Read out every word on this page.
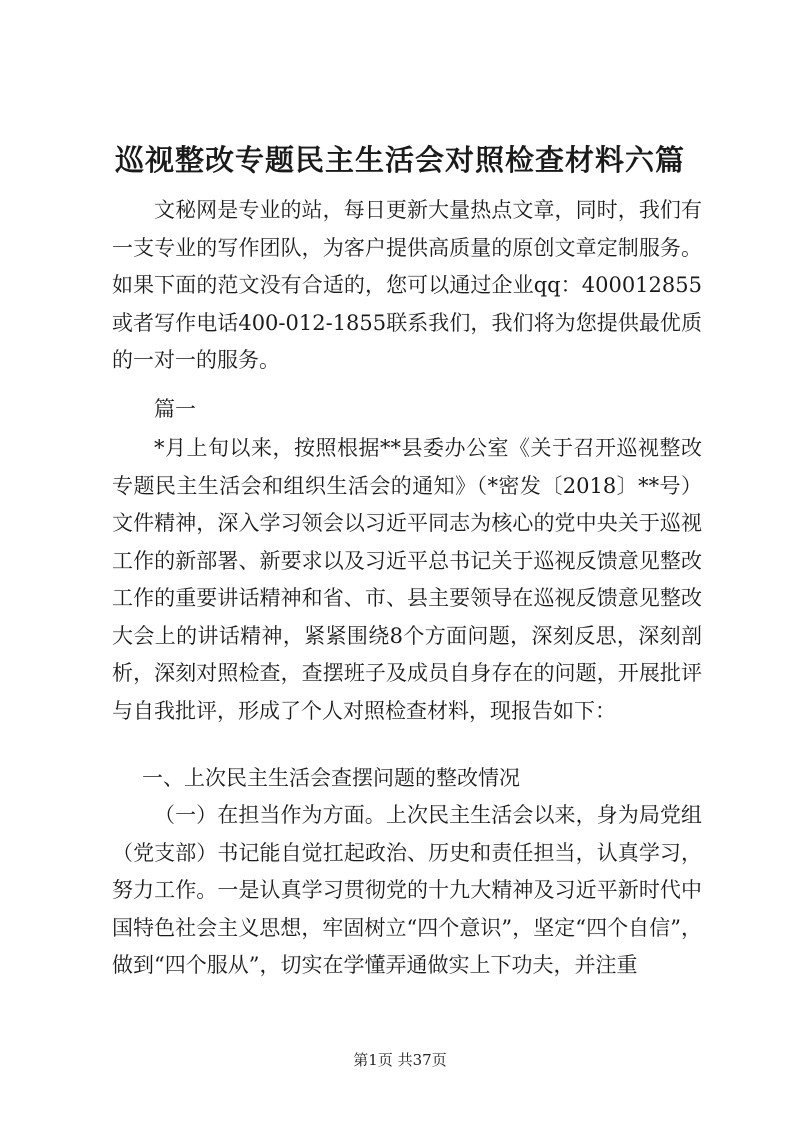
巡视整改专题民主生活会对照检查材料六篇

文秘网是专业的站，每日更新大量热点文章，同时，我们有一支专业的写作团队，为客户提供高质量的原创文章定制服务。如果下面的范文没有合适的，您可以通过企业qq：400012855或者写作电话400-012-1855联系我们，我们将为您提供最优质的一对一的服务。

篇一

*月上旬以来，按照根据**县委办公室《关于召开巡视整改专题民主生活会和组织生活会的通知》（*密发〔2018〕**号）文件精神，深入学习领会以习近平同志为核心的党中央关于巡视工作的新部署、新要求以及习近平总书记关于巡视反馈意见整改工作的重要讲话精神和省、市、县主要领导在巡视反馈意见整改大会上的讲话精神，紧紧围绕8个方面问题，深刻反思，深刻剖析，深刻对照检查，查摆班子及成员自身存在的问题，开展批评与自我批评，形成了个人对照检查材料，现报告如下：

一、上次民主生活会查摆问题的整改情况

（一）在担当作为方面。上次民主生活会以来，身为局党组（党支部）书记能自觉扛起政治、历史和责任担当，认真学习，努力工作。一是认真学习贯彻党的十九大精神及习近平新时代中国特色社会主义思想，牢固树立“四个意识”，坚定“四个自信”，做到“四个服从”，切实在学懂弄通做实上下功夫，并注重

第1页 共37页
